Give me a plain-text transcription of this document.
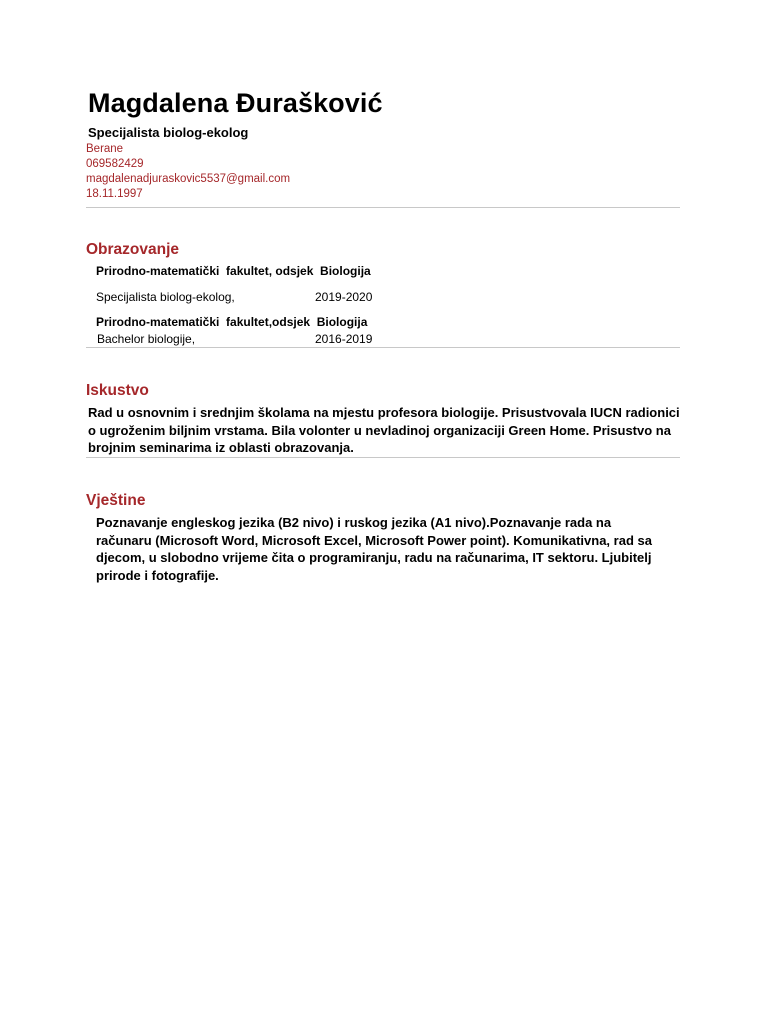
Magdalena Đurašković
Specijalista biolog-ekolog
Berane
069582429
magdalenadjuraskovic5537@gmail.com
18.11.1997
Obrazovanje
Prirodno-matematički  fakultet, odsjek  Biologija
Specijalista biolog-ekolog,	2019-2020
Prirodno-matematički  fakultet,odsjek  Biologija
Bachelor biologije,	2016-2019
Iskustvo
Rad u osnovnim i srednjim školama na mjestu profesora biologije. Prisustvovala IUCN radionici o ugroženim biljnim vrstama. Bila volonter u nevladinoj organizaciji Green Home. Prisustvo na brojnim seminarima iz oblasti obrazovanja.
Vještine
Poznavanje engleskog jezika (B2 nivo) i ruskog jezika (A1 nivo).Poznavanje rada na računaru (Microsoft Word, Microsoft Excel, Microsoft Power point). Komunikativna, rad sa djecom, u slobodno vrijeme čita o programiranju, radu na računarima, IT sektoru. Ljubitelj prirode i fotografije.
